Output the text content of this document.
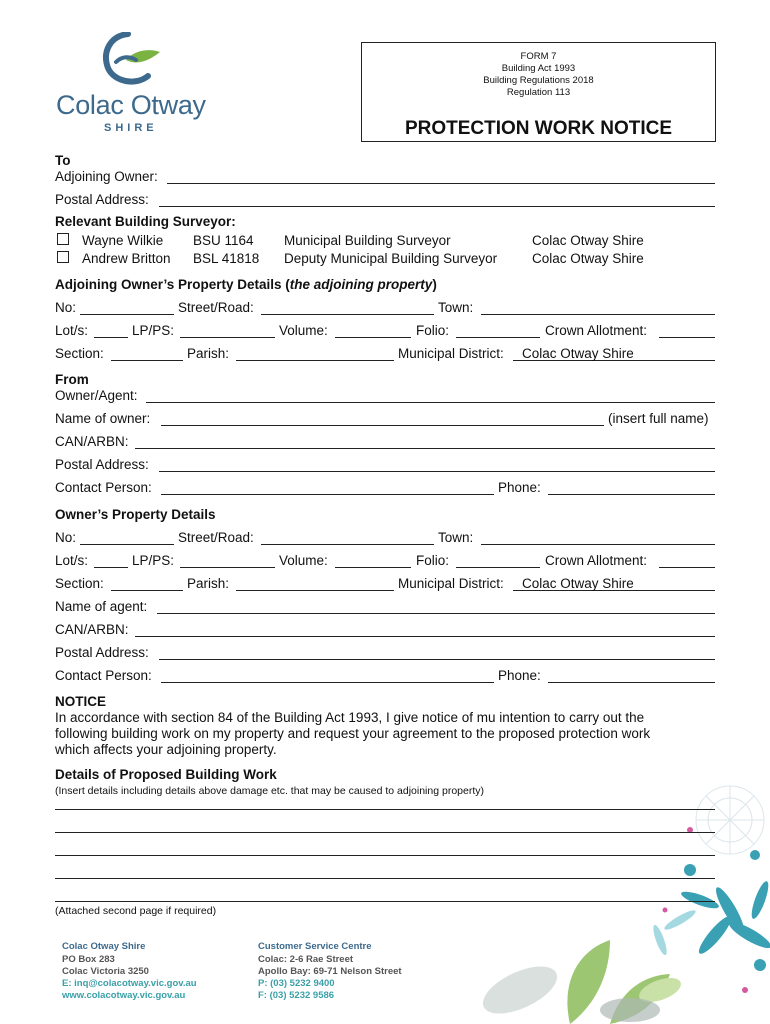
Colac Otway
SHIRE
FORM 7
Building Act 1993
Building Regulations 2018
Regulation 113
PROTECTION WORK NOTICE
To
Adjoining Owner:
Postal Address:
Relevant Building Surveyor:
Wayne Wilkie BSU 1164 Municipal Building Surveyor	Colac Otway Shire
Andrew Britton BSL 41818 Deputy Municipal Building Surveyor	Colac Otway Shire
Adjoining Owner’s Property Details (the adjoining property)
No:	Street/Road:	Town:
Lot/s:	LP/PS:	Volume:	Folio:	Crown Allotment:
Section:	Parish:	Municipal District: Colac Otway Shire
From
Owner/Agent:
Name of owner:	(insert full name)
CAN/ARBN:
Postal Address:
Contact Person:	Phone:
Owner’s Property Details
No:	Street/Road:	Town:
Lot/s:	LP/PS:	Volume:	Folio:	Crown Allotment:
Section:	Parish:	Municipal District: Colac Otway Shire
Name of agent:
CAN/ARBN:
Postal Address:
Contact Person:	Phone:
NOTICE
In accordance with section 84 of the Building Act 1993, I give notice of mu intention to carry out the
following building work on my property and request your agreement to the proposed protection work
which affects your adjoining property.
Details of Proposed Building Work
(Insert details including details above damage etc. that may be caused to adjoining property)
(Attached second page if required)
Colac Otway Shire
PO Box 283
Colac Victoria 3250
E: inq@colacotway.vic.gov.au
www.colacotway.vic.gov.au
Customer Service Centre
Colac: 2-6 Rae Street
Apollo Bay: 69-71 Nelson Street
P: (03) 5232 9400
F: (03) 5232 9586
